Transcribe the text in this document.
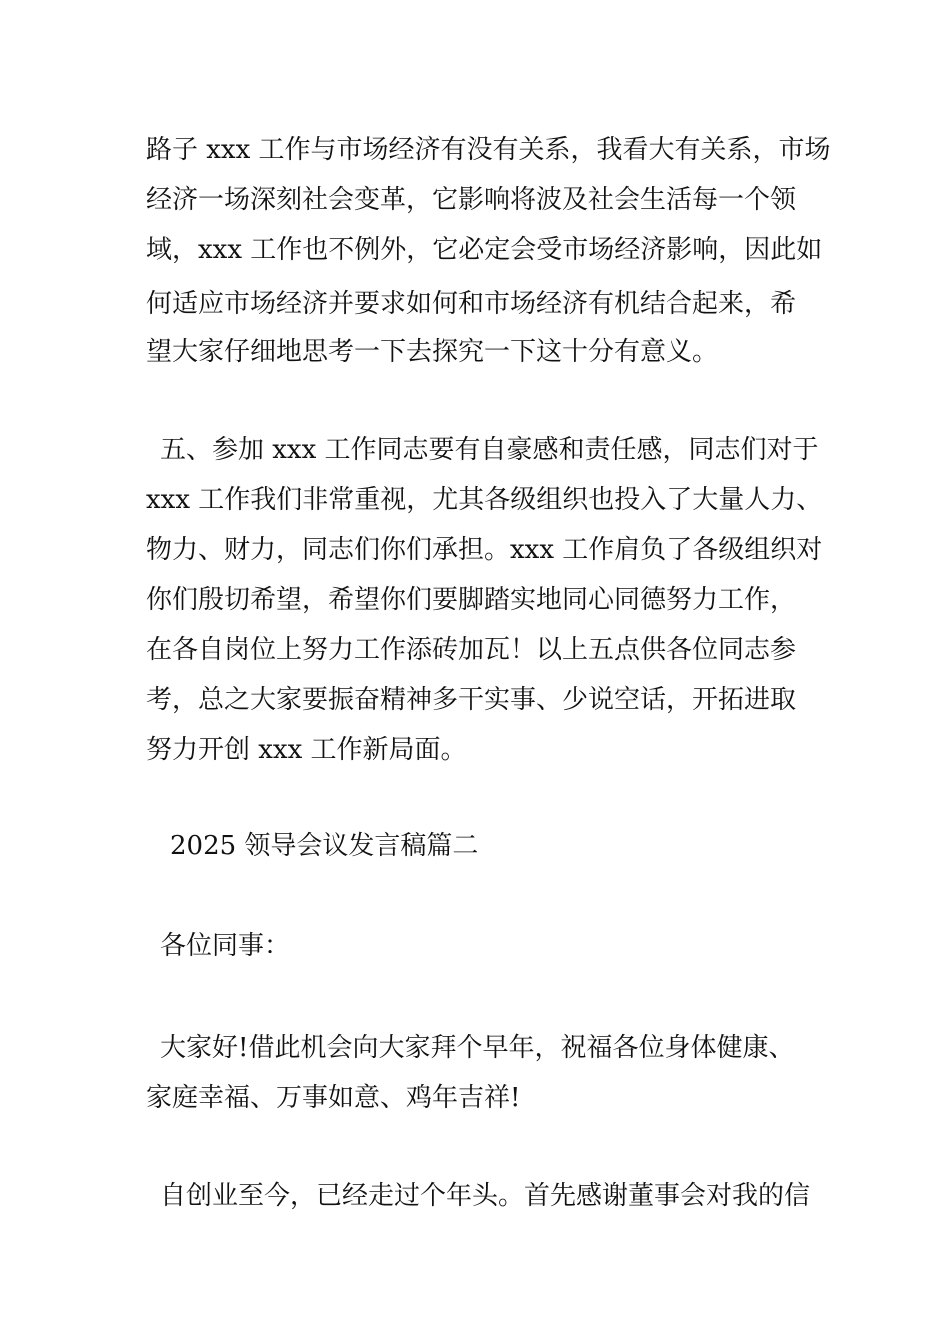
路子 xxx 工作与市场经济有没有关系，我看大有关系，市场
经济一场深刻社会变革，它影响将波及社会生活每一个领
域，xxx 工作也不例外，它必定会受市场经济影响，因此如
何适应市场经济并要求如何和市场经济有机结合起来，希
望大家仔细地思考一下去探究一下这十分有意义。
五、参加 xxx 工作同志要有自豪感和责任感，同志们对于
xxx 工作我们非常重视，尤其各级组织也投入了大量人力、
物力、财力，同志们你们承担。xxx 工作肩负了各级组织对
你们殷切希望，希望你们要脚踏实地同心同德努力工作，
在各自岗位上努力工作添砖加瓦！以上五点供各位同志参
考，总之大家要振奋精神多干实事、少说空话，开拓进取
努力开创 xxx 工作新局面。
2025 领导会议发言稿篇二
各位同事：
大家好!借此机会向大家拜个早年，祝福各位身体健康、
家庭幸福、万事如意、鸡年吉祥!
自创业至今，已经走过个年头。首先感谢董事会对我的信
